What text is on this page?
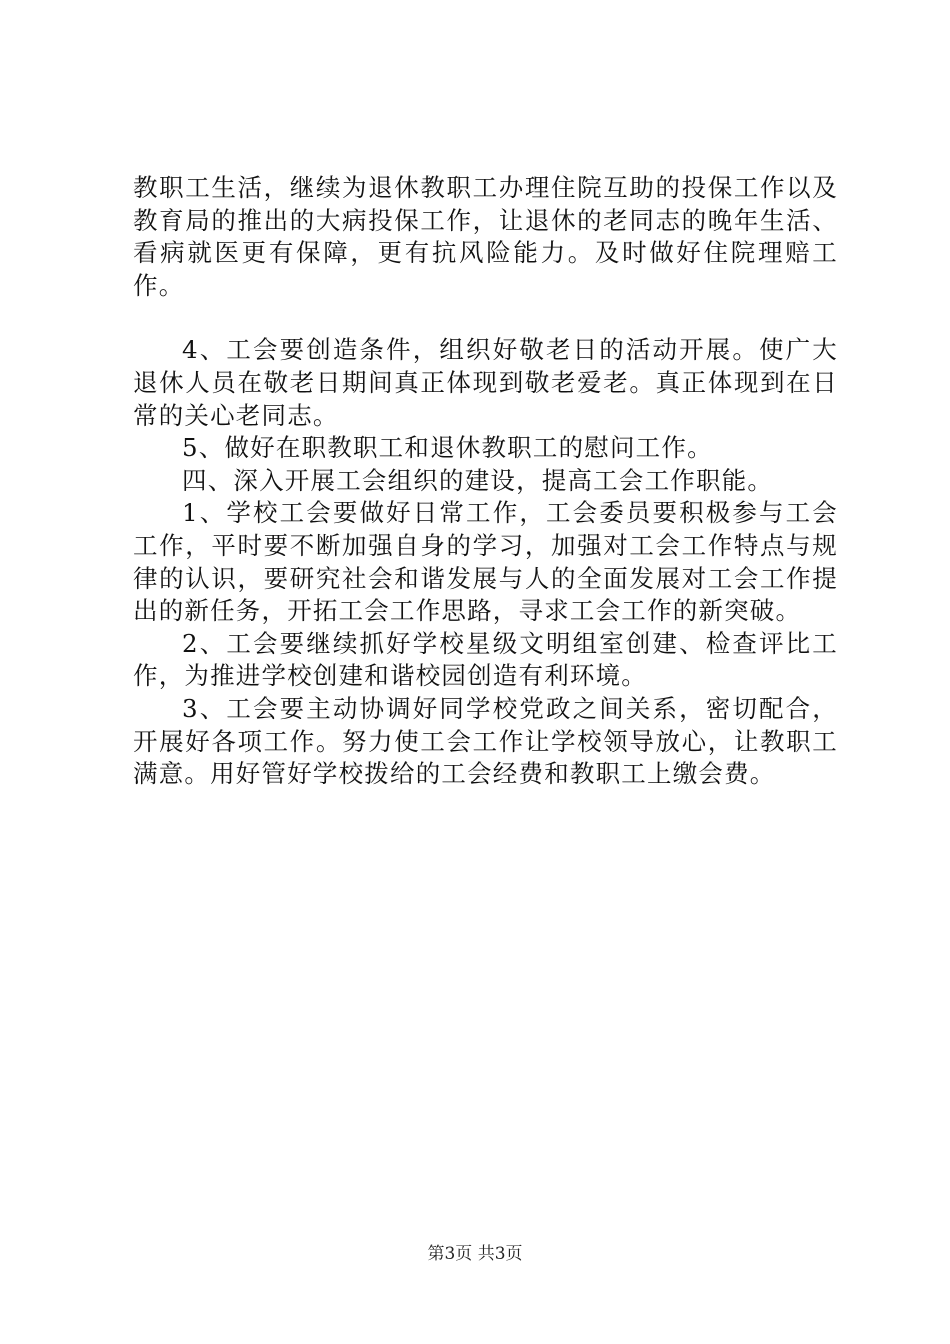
教职工生活，继续为退休教职工办理住院互助的投保工作以及教育局的推出的大病投保工作，让退休的老同志的晚年生活、看病就医更有保障，更有抗风险能力。及时做好住院理赔工作。

4、工会要创造条件，组织好敬老日的活动开展。使广大退休人员在敬老日期间真正体现到敬老爱老。真正体现到在日常的关心老同志。

5、做好在职教职工和退休教职工的慰问工作。

四、深入开展工会组织的建设，提高工会工作职能。

1、学校工会要做好日常工作，工会委员要积极参与工会工作，平时要不断加强自身的学习，加强对工会工作特点与规律的认识，要研究社会和谐发展与人的全面发展对工会工作提出的新任务，开拓工会工作思路，寻求工会工作的新突破。

2、工会要继续抓好学校星级文明组室创建、检查评比工作，为推进学校创建和谐校园创造有利环境。

3、工会要主动协调好同学校党政之间关系，密切配合，开展好各项工作。努力使工会工作让学校领导放心，让教职工满意。用好管好学校拨给的工会经费和教职工上缴会费。

第3页 共3页
